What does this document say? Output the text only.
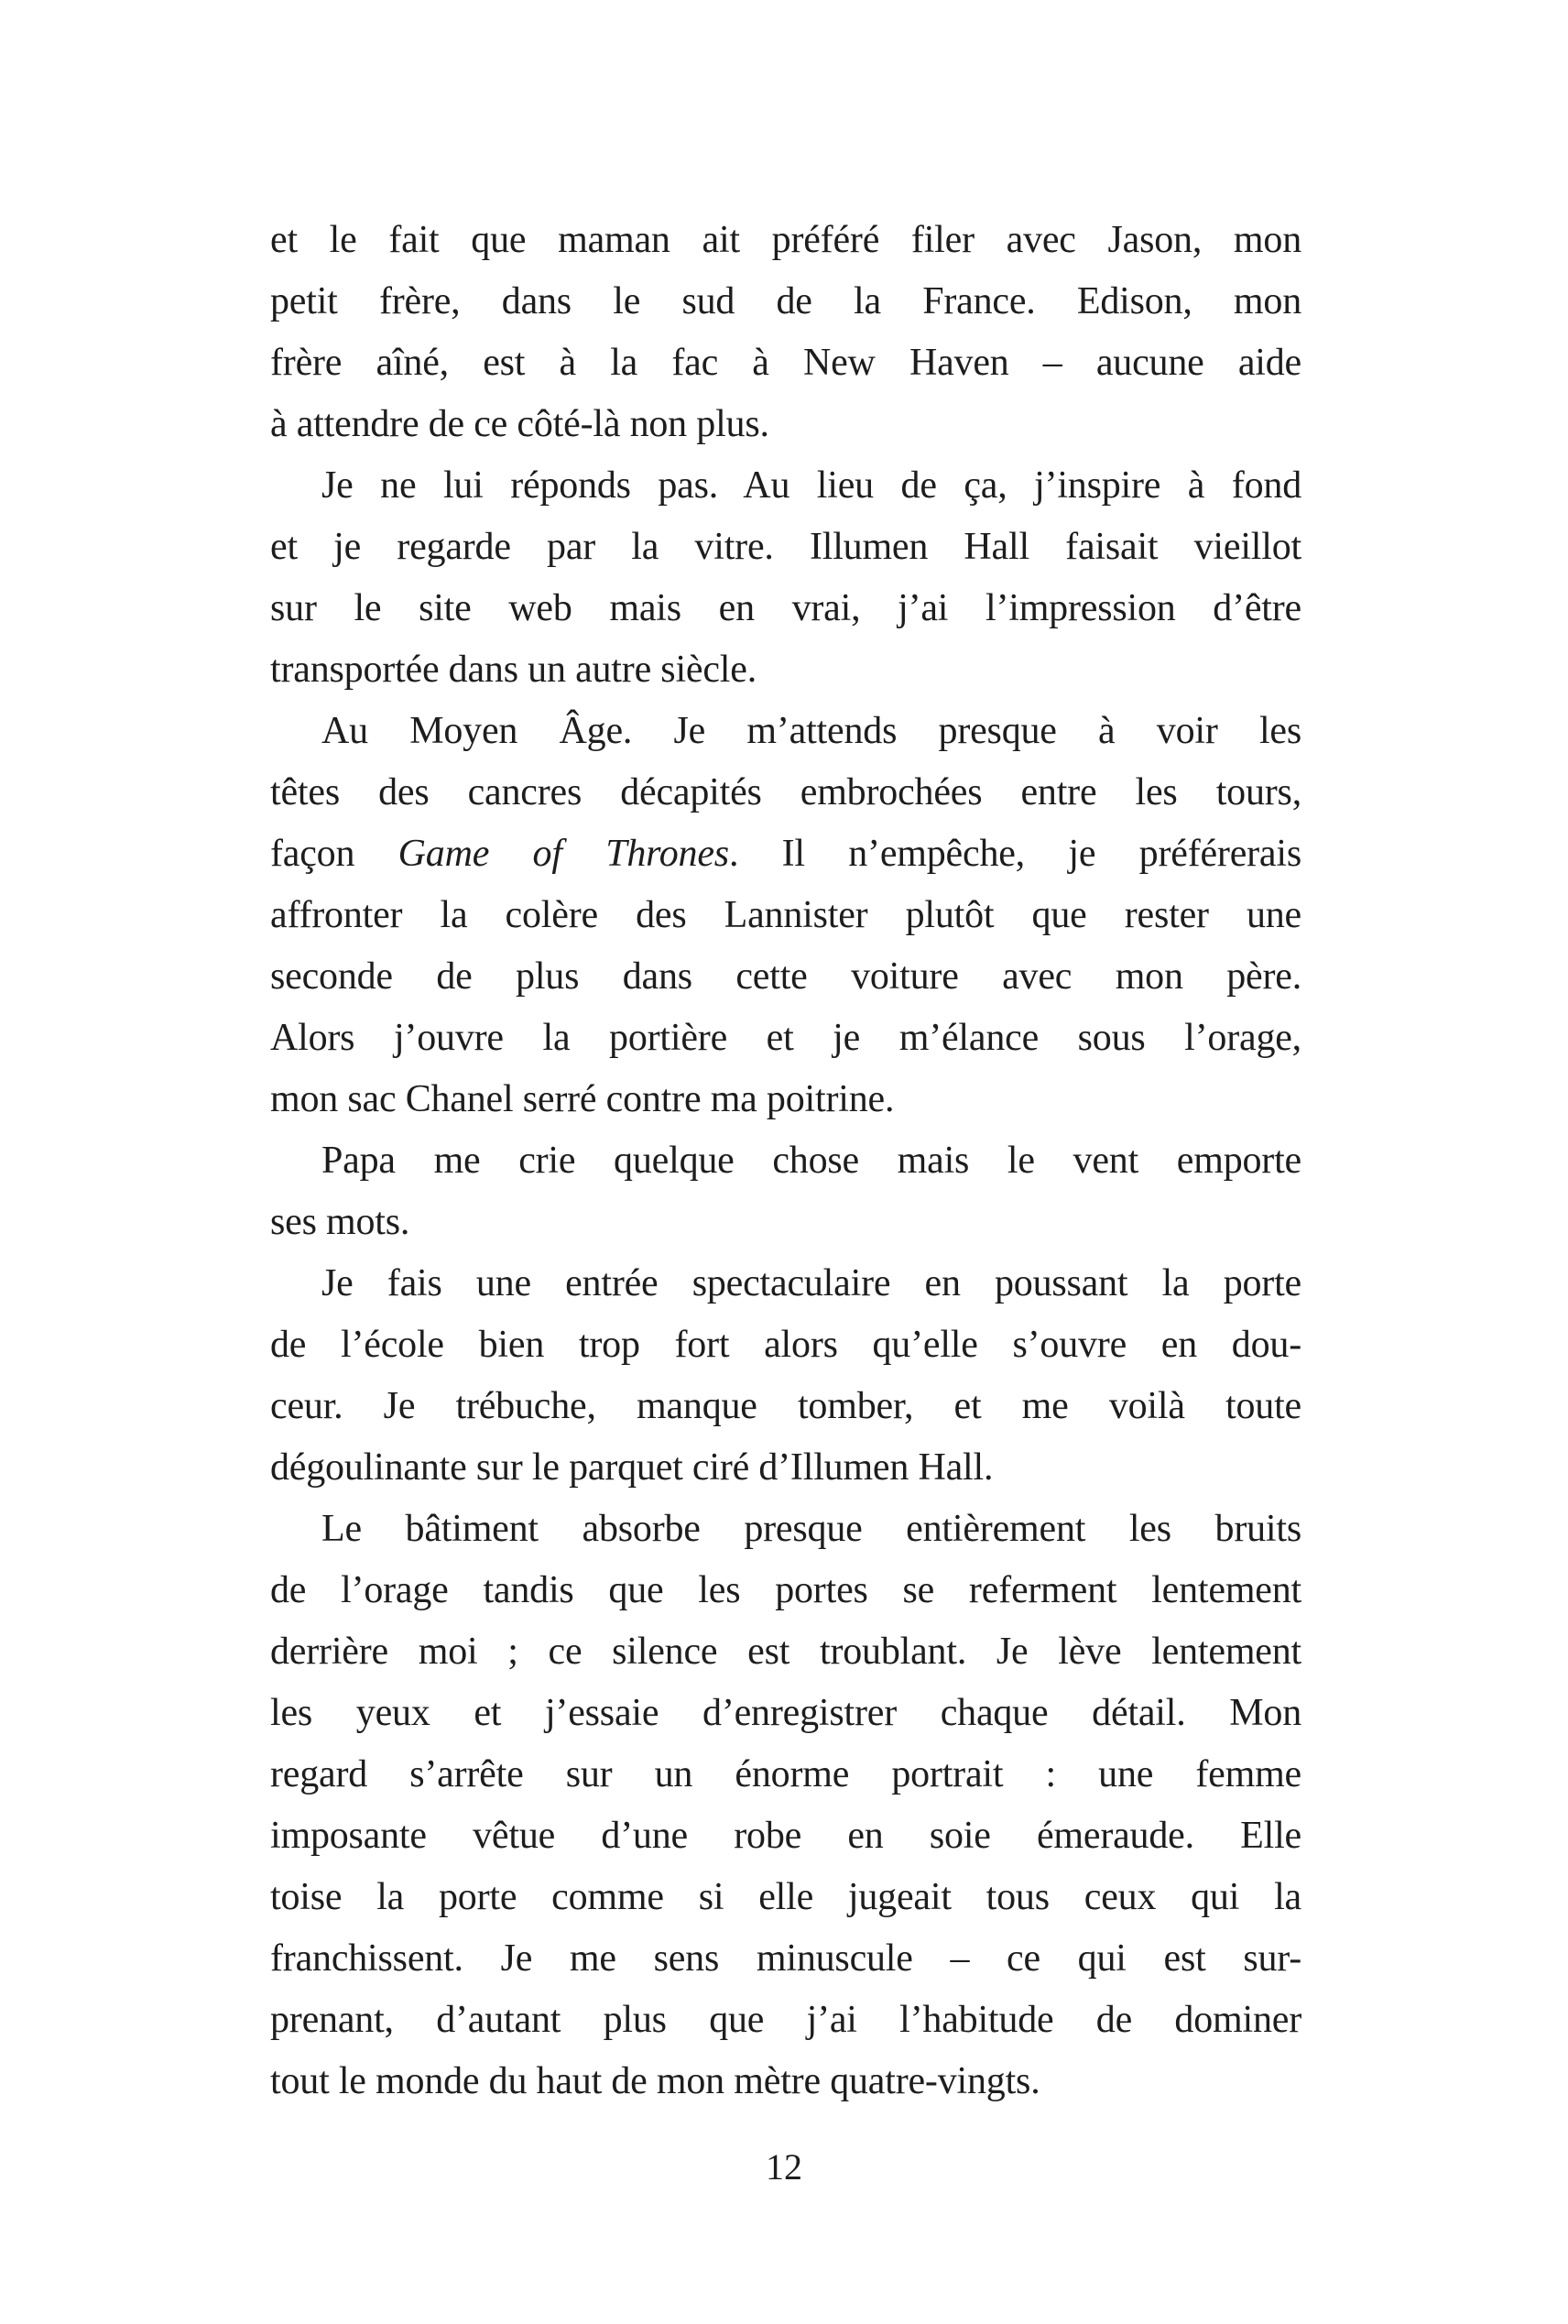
et le fait que maman ait préféré filer avec Jason, mon
petit frère, dans le sud de la France. Edison, mon
frère aîné, est à la fac à New Haven – aucune aide
à attendre de ce côté-là non plus.
Je ne lui réponds pas. Au lieu de ça, j’inspire à fond
et je regarde par la vitre. Illumen Hall faisait vieillot
sur le site web mais en vrai, j’ai l’impression d’être
transportée dans un autre siècle.
Au Moyen Âge. Je m’attends presque à voir les
têtes des cancres décapités embrochées entre les tours,
façon Game of Thrones. Il n’empêche, je préférerais
affronter la colère des Lannister plutôt que rester une
seconde de plus dans cette voiture avec mon père.
Alors j’ouvre la portière et je m’élance sous l’orage,
mon sac Chanel serré contre ma poitrine.
Papa me crie quelque chose mais le vent emporte
ses mots.
Je fais une entrée spectaculaire en poussant la porte
de l’école bien trop fort alors qu’elle s’ouvre en dou-
ceur. Je trébuche, manque tomber, et me voilà toute
dégoulinante sur le parquet ciré d’Illumen Hall.
Le bâtiment absorbe presque entièrement les bruits
de l’orage tandis que les portes se referment lentement
derrière moi ; ce silence est troublant. Je lève lentement
les yeux et j’essaie d’enregistrer chaque détail. Mon
regard s’arrête sur un énorme portrait : une femme
imposante vêtue d’une robe en soie émeraude. Elle
toise la porte comme si elle jugeait tous ceux qui la
franchissent. Je me sens minuscule – ce qui est sur-
prenant, d’autant plus que j’ai l’habitude de dominer
tout le monde du haut de mon mètre quatre-vingts.
12
